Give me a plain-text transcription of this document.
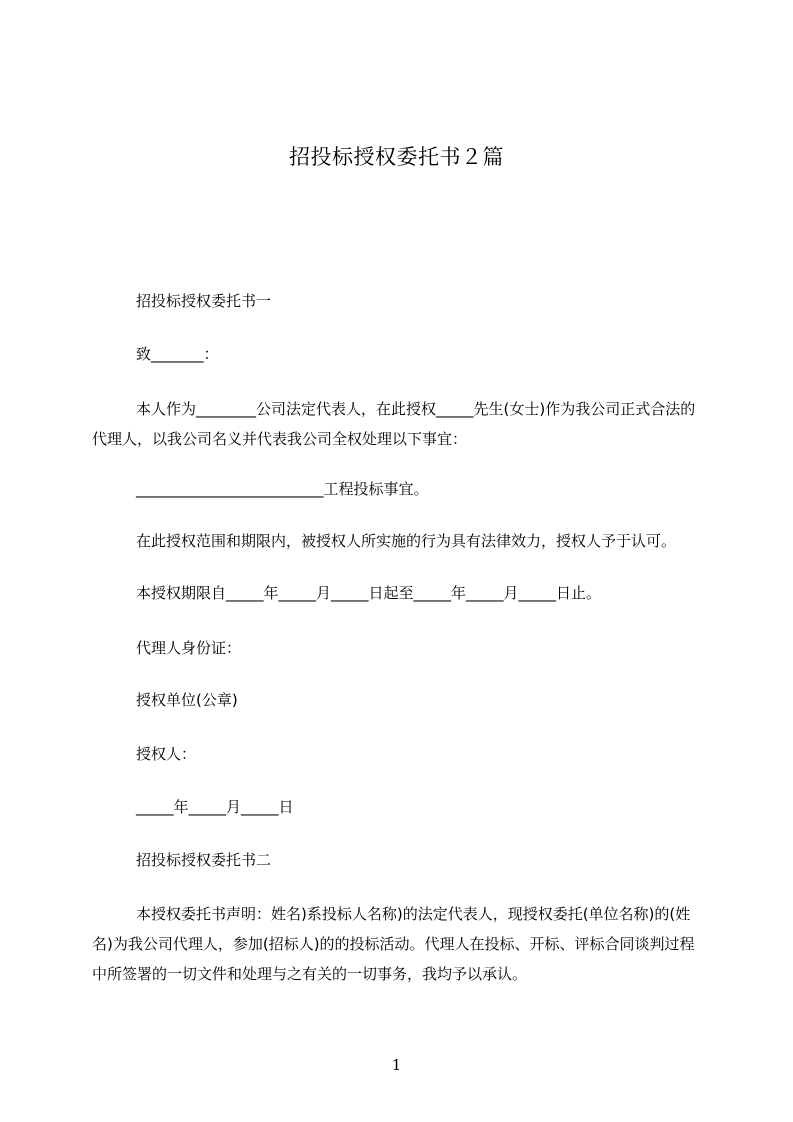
招投标授权委托书２篇
招投标授权委托书一
致_______：
本人作为________公司法定代表人，在此授权_____先生(女士)作为我公司正式合法的代理人，以我公司名义并代表我公司全权处理以下事宜：
_________________________工程投标事宜。
在此授权范围和期限内，被授权人所实施的行为具有法律效力，授权人予于认可。
本授权期限自_____年_____月_____日起至_____年_____月_____日止。
代理人身份证：
授权单位(公章)
授权人：
_____年_____月_____日
招投标授权委托书二
本授权委托书声明：姓名)系投标人名称)的法定代表人，现授权委托(单位名称)的(姓名)为我公司代理人，参加(招标人)的的投标活动。代理人在投标、开标、评标合同谈判过程中所签署的一切文件和处理与之有关的一切事务，我均予以承认。
1
